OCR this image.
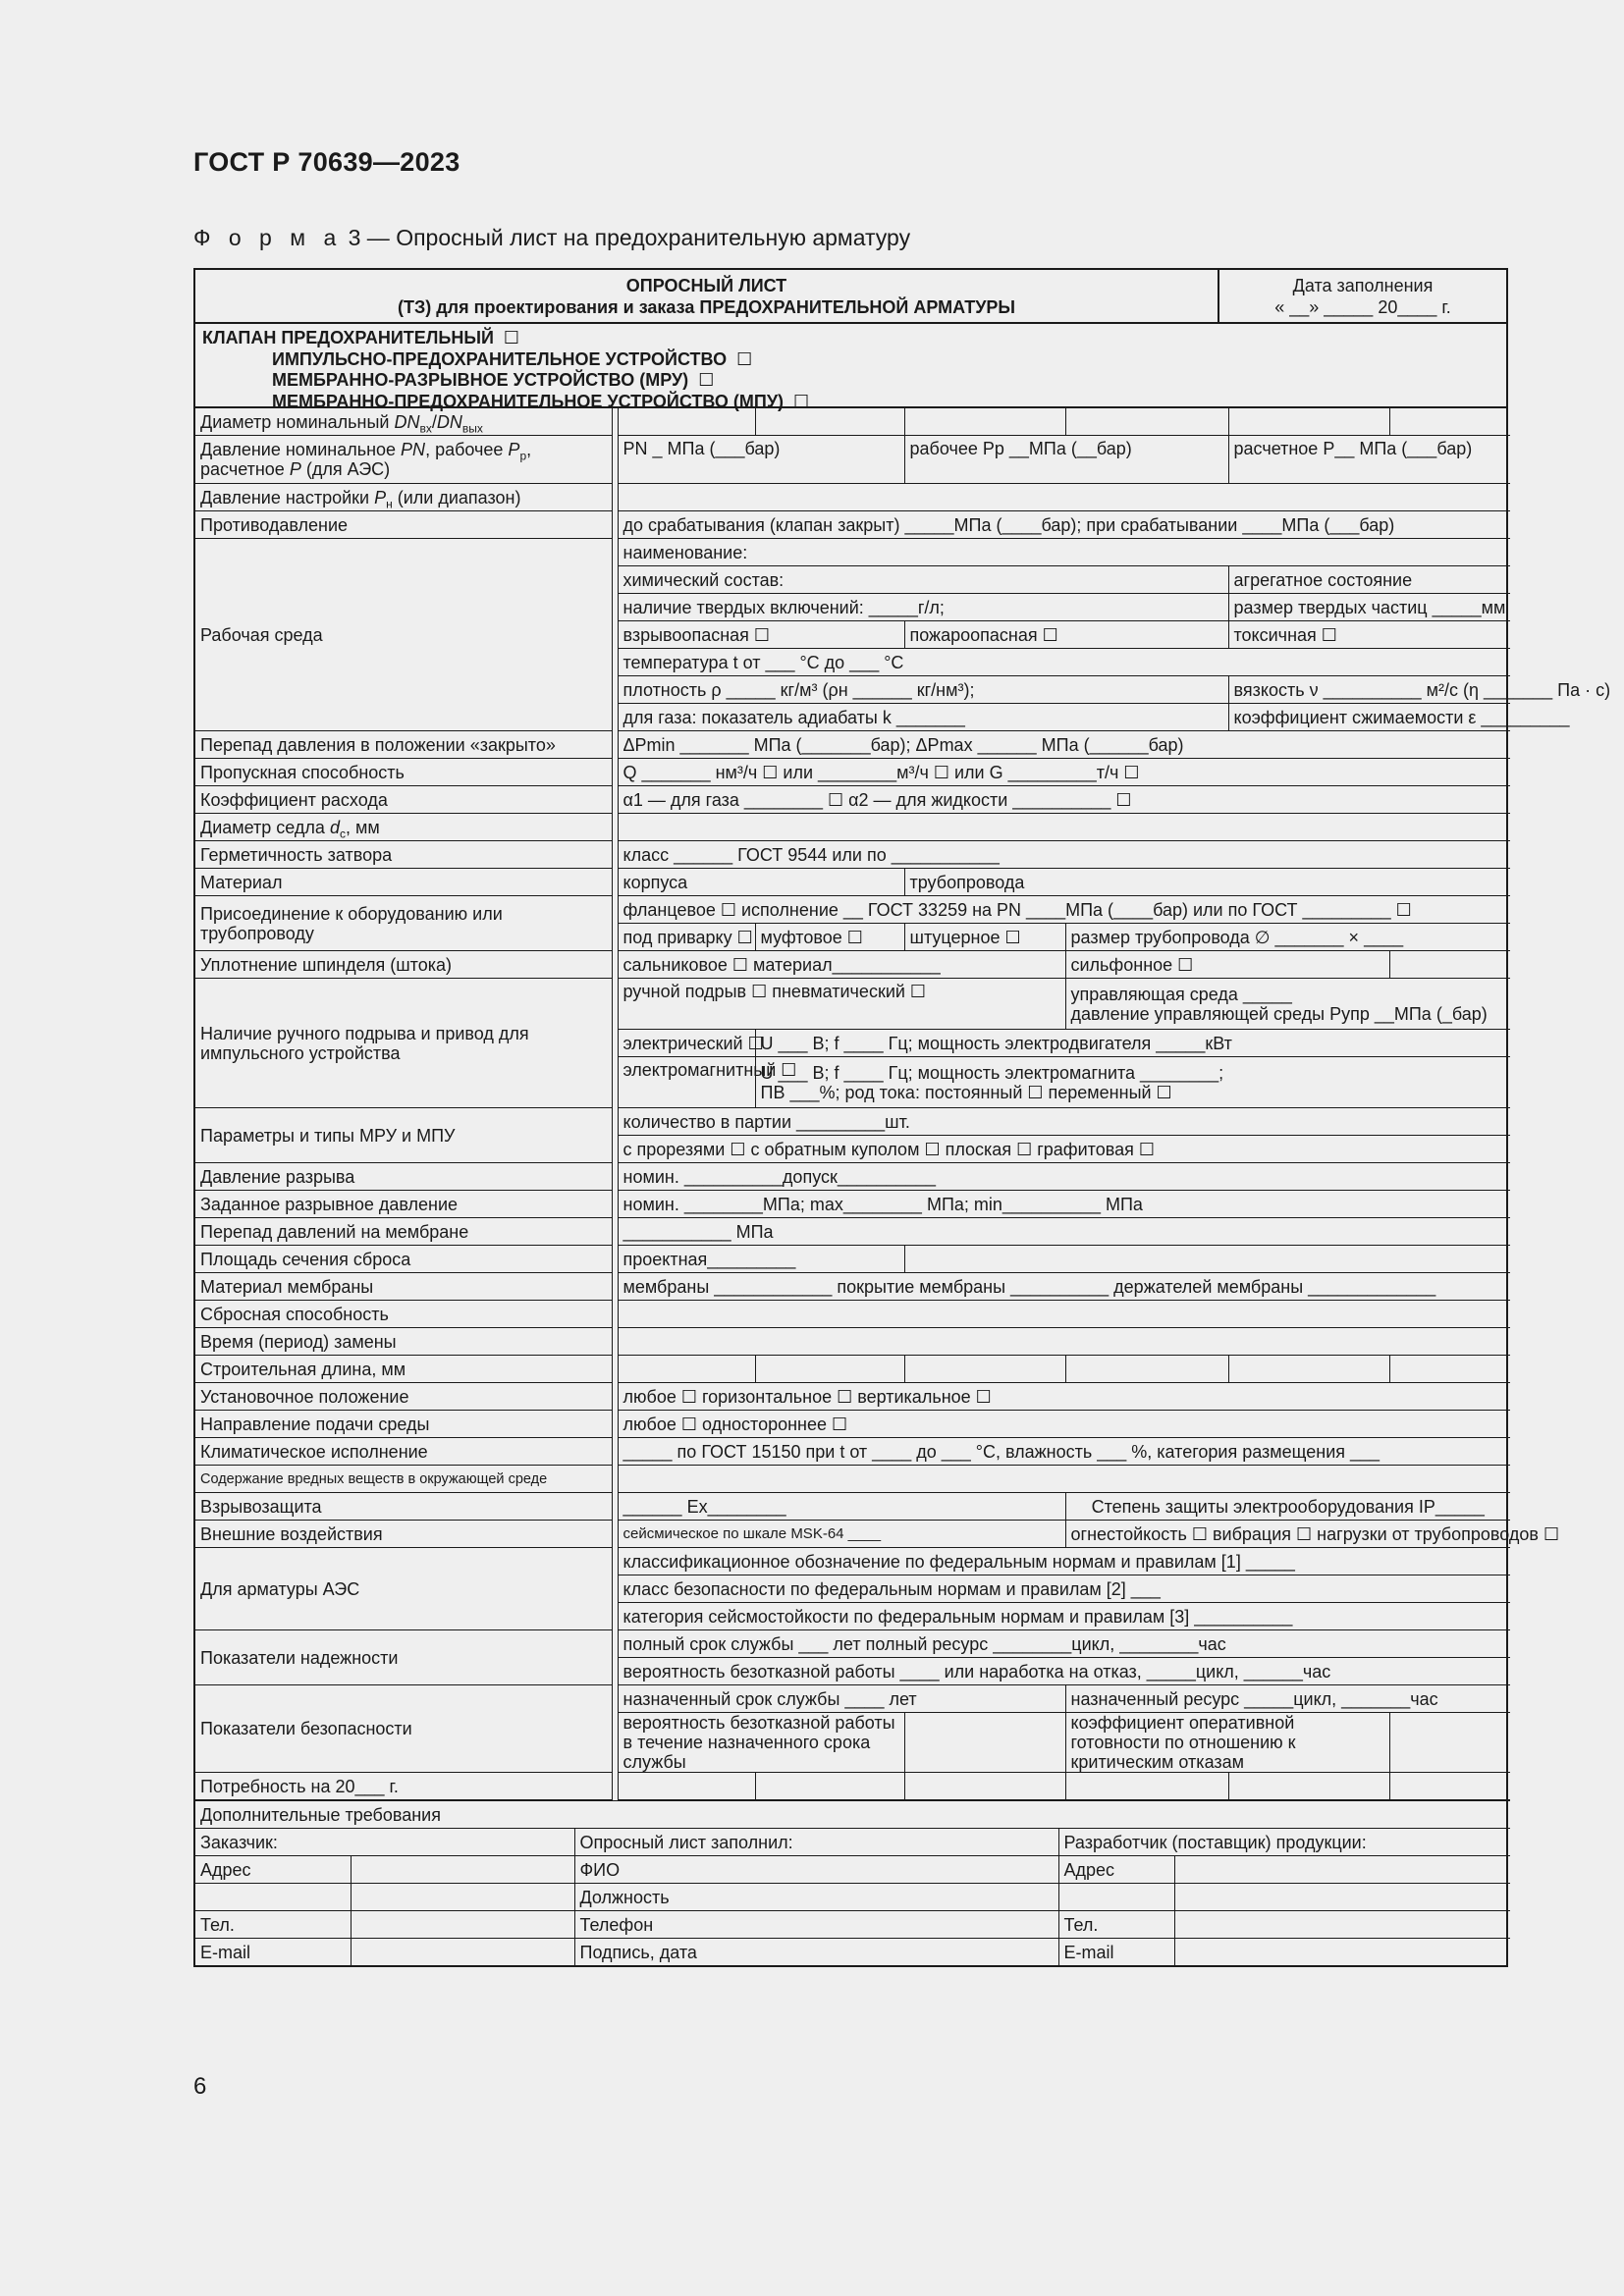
ГОСТ Р 70639—2023
Ф о р м а 3 — Опросный лист на предохранительную арматуру
ОПРОСНЫЙ ЛИСТ
(ТЗ) для проектирования и заказа ПРЕДОХРАНИТЕЛЬНОЙ АРМАТУРЫ
Дата заполнения
« __» _____ 20____ г.
КЛАПАН ПРЕДОХРАНИТЕЛЬНЫЙ ☐
ИМПУЛЬСНО-ПРЕДОХРАНИТЕЛЬНОЕ УСТРОЙСТВО ☐
МЕМБРАННО-РАЗРЫВНОЕ УСТРОЙСТВО (МРУ) ☐
МЕМБРАННО-ПРЕДОХРАНИТЕЛЬНОЕ УСТРОЙСТВО (МПУ) ☐
Диаметр номинальный $DN_{вх}/DN_{вых}$							
Давление номинальное PN, рабочее $P_р$, расчетное P (для АЭС)		PN _ МПа (___бар)		рабочее Pр __МПа (__бар)		расчетное P__ МПа (___бар)	
Давление настройки $P_н$ (или диапазон)							
Противодавление		до срабатывания (клапан закрыт) _____МПа (____бар); при срабатывании ____МПа (___бар)					
Рабочая среда		наименование:					
		химический состав:				агрегатное состояние	
		наличие твердых включений: _____г/л;				размер твердых частиц _____мм	
		взрывоопасная ☐		пожароопасная ☐		токсичная ☐	
		температура t от ___ °С до ___ °С					
		плотность ρ _____ кг/м³ (ρн ______ кг/нм³);				вязкость ν __________ м²/с (η _______ Па · с)	
		для газа: показатель адиабаты k _______				коэффициент сжимаемости ε _________	
Перепад давления в положении «закрыто»		ΔPmin _______ МПа (_______бар); ΔPmax ______ МПа (______бар)					
Пропускная способность		Q _______ нм³/ч ☐ или ________м³/ч ☐ или G _________т/ч ☐					
Коэффициент расхода		α1 — для газа ________ ☐ α2 — для жидкости __________ ☐					
Диаметр седла $d_с$, мм							
Герметичность затвора		класс ______ ГОСТ 9544 или по ___________					
Материал		корпуса		трубопровода			
Присоединение к оборудованию или трубопроводу		фланцевое ☐ исполнение __ ГОСТ 33259 на PN ____МПа (____бар) или по ГОСТ _________ ☐					
		под приварку ☐	муфтовое ☐	штуцерное ☐	размер трубопровода ∅ _______ × ____		
Уплотнение шпинделя (штока)		сальниковое ☐ материал___________			сильфонное ☐		
Наличие ручного подрыва и привод для импульсного устройства		ручной подрыв ☐ пневматический ☐			управляющая среда _____
давление управляющей среды Pупр __МПа (_бар)		

		электрический ☐	U ___ В; f ____ Гц; мощность электродвигателя _____кВт				
		электромагнитный ☐	U ___ В; f ____ Гц; мощность электромагнита ________;
ПВ ___%; род тока: постоянный ☐ переменный ☐				

Параметры и типы МРУ и МПУ		количество в партии _________шт.					
		с прорезями ☐ с обратным куполом ☐ плоская ☐ графитовая ☐					
Давление разрыва		номин. __________допуск__________					
Заданное разрывное давление		номин. ________МПа; max________ МПа; min__________ МПа					
Перепад давлений на мембране		___________ МПа					
Площадь сечения сброса		проектная_________					
Материал мембраны		мембраны ____________ покрытие мембраны __________ держателей мембраны _____________					
Сбросная способность							
Время (период) замены							
Строительная длина, мм							
Установочное положение		любое ☐ горизонтальное ☐ вертикальное ☐					
Направление подачи среды		любое ☐ одностороннее ☐					
Климатическое исполнение		_____ по ГОСТ 15150 при t от ____ до ___ °С, влажность ___ %, категория размещения ___					
Содержание вредных веществ в окружающей среде							
Взрывозащита		______ Ex________			Степень защиты электрооборудования IP_____		
Внешние воздействия		сейсмическое по шкале MSK-64 ____			огнестойкость ☐ вибрация ☐ нагрузки от трубопроводов ☐		
Для арматуры АЭС		классификационное обозначение по федеральным нормам и правилам [1] _____					
		класс безопасности по федеральным нормам и правилам [2] ___					
		категория сейсмостойкости по федеральным нормам и правилам [3] __________					
Показатели надежности		полный срок службы ___ лет полный ресурс ________цикл, ________час					
		вероятность безотказной работы ____ или наработка на отказ, _____цикл, ______час					
Показатели безопасности		назначенный срок службы ____ лет			назначенный ресурс _____цикл, _______час		
		вероятность безотказной работы в течение назначенного срока службы			коэффициент оперативной готовности по отношению к критическим отказам		
Потребность на 20___ г.							
Дополнительные требования				
Заказчик:		Опросный лист заполнил:	Разработчик (поставщик) продукции:	
Адрес		ФИО	Адрес	
		Должность		
Тел.		Телефон	Тел.	
E-mail		Подпись, дата	E-mail	
6
